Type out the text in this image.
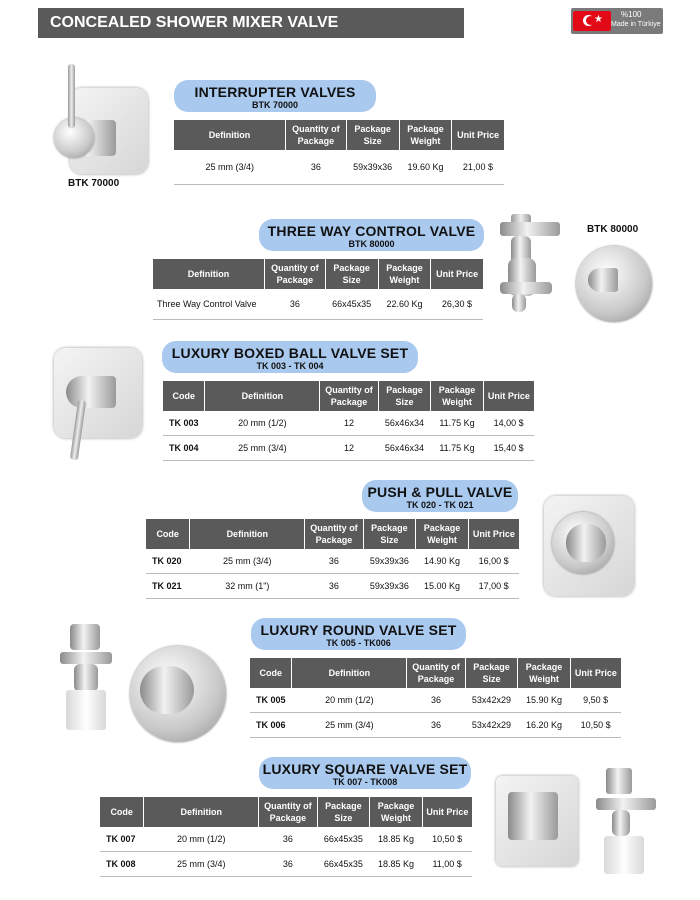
CONCEALED SHOWER MIXER VALVE	★ %100
Made in Türkiye
BTK 70000
INTERRUPTER VALVES
BTK 70000
Definition	Quantity of Package	Package Size	Package Weight	Unit Price
25 mm (3/4)	36	59x39x36	19.60 Kg	21,00 $
THREE WAY CONTROL VALVE
BTK 80000
Definition	Quantity of Package	Package Size	Package Weight	Unit Price
Three Way Control Valve	36	66x45x35	22.60 Kg	26,30 $
BTK 80000
LUXURY BOXED BALL VALVE SET
TK 003 - TK 004
Code	Definition	Quantity of Package	Package Size	Package Weight	Unit Price
TK 003	20 mm (1/2)	12	56x46x34	11.75 Kg	14,00 $
TK 004	25 mm (3/4)	12	56x46x34	11.75 Kg	15,40 $
PUSH & PULL VALVE
TK 020 - TK 021
Code	Definition	Quantity of Package	Package Size	Package Weight	Unit Price
TK 020	25 mm (3/4)	36	59x39x36	14.90 Kg	16,00 $
TK 021	32 mm (1")	36	59x39x36	15.00 Kg	17,00 $
LUXURY ROUND VALVE SET
TK 005 - TK006
Code	Definition	Quantity of Package	Package Size	Package Weight	Unit Price
TK 005	20 mm (1/2)	36	53x42x29	15.90 Kg	9,50 $
TK 006	25 mm (3/4)	36	53x42x29	16.20 Kg	10,50 $
LUXURY SQUARE VALVE SET
TK 007 - TK008
Code	Definition	Quantity of Package	Package Size	Package Weight	Unit Price
TK 007	20 mm (1/2)	36	66x45x35	18.85 Kg	10,50 $
TK 008	25 mm (3/4)	36	66x45x35	18.85 Kg	11,00 $
